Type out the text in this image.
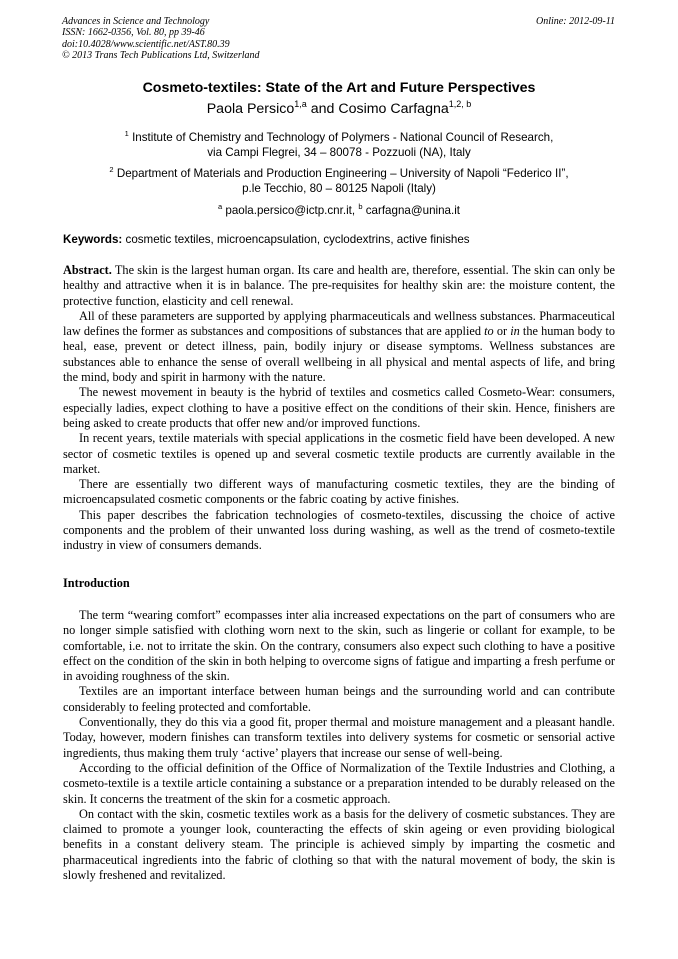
Advances in Science and Technology
ISSN: 1662-0356, Vol. 80, pp 39-46
doi:10.4028/www.scientific.net/AST.80.39
© 2013 Trans Tech Publications Ltd, Switzerland
Online: 2012-09-11
Cosmeto-textiles: State of the Art and Future Perspectives
Paola Persico$^{1,a}$ and Cosimo Carfagna$^{1,2, b}$
$^1$ Institute of Chemistry and Technology of Polymers - National Council of Research,
via Campi Flegrei, 34 – 80078 - Pozzuoli (NA), Italy
$^2$ Department of Materials and Production Engineering – University of Napoli “Federico II”,
p.le Tecchio, 80 – 80125 Napoli (Italy)
$^a$ paola.persico@ictp.cnr.it, $^b$ carfagna@unina.it
Keywords: cosmetic textiles, microencapsulation, cyclodextrins, active finishes

Abstract. The skin is the largest human organ. Its care and health are, therefore, essential. The skin can only be healthy and attractive when it is in balance. The pre-requisites for healthy skin are: the moisture content, the protective function, elasticity and cell renewal.

All of these parameters are supported by applying pharmaceuticals and wellness substances. Pharmaceutical law defines the former as substances and compositions of substances that are applied to or in the human body to heal, ease, prevent or detect illness, pain, bodily injury or disease symptoms. Wellness substances are substances able to enhance the sense of overall wellbeing in all physical and mental aspects of life, and bring the mind, body and spirit in harmony with the nature.

The newest movement in beauty is the hybrid of textiles and cosmetics called Cosmeto-Wear: consumers, especially ladies, expect clothing to have a positive effect on the conditions of their skin. Hence, finishers are being asked to create products that offer new and/or improved functions.

In recent years, textile materials with special applications in the cosmetic field have been developed. A new sector of cosmetic textiles is opened up and several cosmetic textile products are currently available in the market.

There are essentially two different ways of manufacturing cosmetic textiles, they are the binding of microencapsulated cosmetic components or the fabric coating by active finishes.

This paper describes the fabrication technologies of cosmeto-textiles, discussing the choice of active components and the problem of their unwanted loss during washing, as well as the trend of cosmeto-textile industry in view of consumers demands.

Introduction

The term “wearing comfort” ecompasses inter alia increased expectations on the part of consumers who are no longer simple satisfied with clothing worn next to the skin, such as lingerie or collant for example, to be comfortable, i.e. not to irritate the skin. On the contrary, consumers also expect such clothing to have a positive effect on the condition of the skin in both helping to overcome signs of fatigue and imparting a fresh perfume or in avoiding roughness of the skin.

Textiles are an important interface between human beings and the surrounding world and can contribute considerably to feeling protected and comfortable.

Conventionally, they do this via a good fit, proper thermal and moisture management and a pleasant handle. Today, however, modern finishes can transform textiles into delivery systems for cosmetic or sensorial active ingredients, thus making them truly ‘active’ players that increase our sense of well-being.

According to the official definition of the Office of Normalization of the Textile Industries and Clothing, a cosmeto-textile is a textile article containing a substance or a preparation intended to be durably released on the skin. It concerns the treatment of the skin for a cosmetic approach.

On contact with the skin, cosmetic textiles work as a basis for the delivery of cosmetic substances. They are claimed to promote a younger look, counteracting the effects of skin ageing or even providing biological benefits in a constant delivery steam. The principle is achieved simply by imparting the cosmetic and pharmaceutical ingredients into the fabric of clothing so that with the natural movement of body, the skin is slowly freshened and revitalized.
